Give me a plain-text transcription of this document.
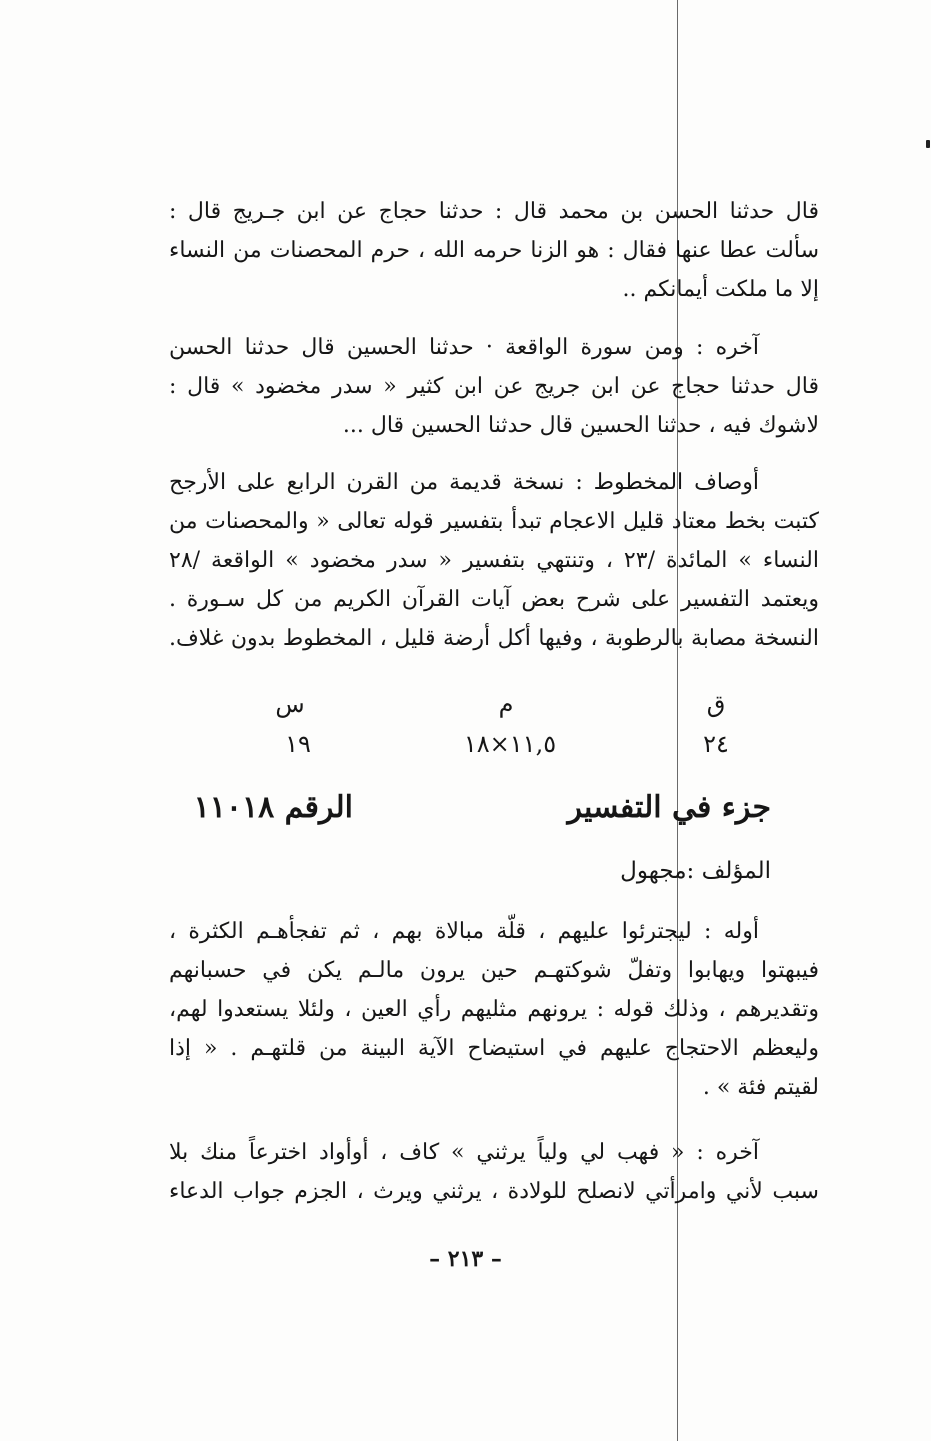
قال حدثنا الحسن بن محمد قال : حدثنا حجاج عن ابن جـريج قال :
سألت عطا عنها فقال : هو الزنا حرمه الله ، حرم المحصنات من النساء
إلا ما ملكت أيمانكم ..
آخره : ومن سورة الواقعة · حدثنا الحسين قال حدثنا الحسن
قال حدثنا حجاج عن ابن جريج عن ابن كثير « سدر مخضود » قال :
لاشوك فيه ، حدثنا الحسين قال حدثنا الحسين قال ...
أوصاف المخطوط : نسخة قديمة من القرن الرابع على الأرجح
كتبت بخط معتاد قليل الاعجام تبدأ بتفسير قوله تعالى « والمحصنات من
النساء » المائدة /٢٣ ، وتنتهي بتفسير « سدر مخضود » الواقعة /٢٨
ويعتمد التفسير على شرح بعض آيات القرآن الكريم من كل سـورة .
النسخة مصابة بالرطوبة ، وفيها أكل أرضة قليل ، المخطوط بدون غلاف.
ق
٢٤
م
١١,٥×١٨
س
١٩
جزء في التفسير
الرقم ١١٠١٨
المؤلف :مجهول
أوله : ليجترئوا عليهم ، قلّة مبالاة بهم ، ثم تفجأهـم الكثرة ،
فيبهتوا ويهابوا وتفلّ شوكتهـم حين يرون مالـم يكن في حسبانهم
وتقديرهم ، وذلك قوله : يرونهم مثليهم رأي العين ، ولئلا يستعدوا لهم،
وليعظم الاحتجاج عليهم في استيضاح الآية البينة من قلتهـم . « إذا
لقيتم فئة » .
آخره : « فهب لي ولياً يرثني » كاف ، أوأواد اخترعاً منك بلا
سبب لأني وامرأتي لانصلح للولادة ، يرثني ويرث ، الجزم جواب الدعاء
– ٢١٣ –
